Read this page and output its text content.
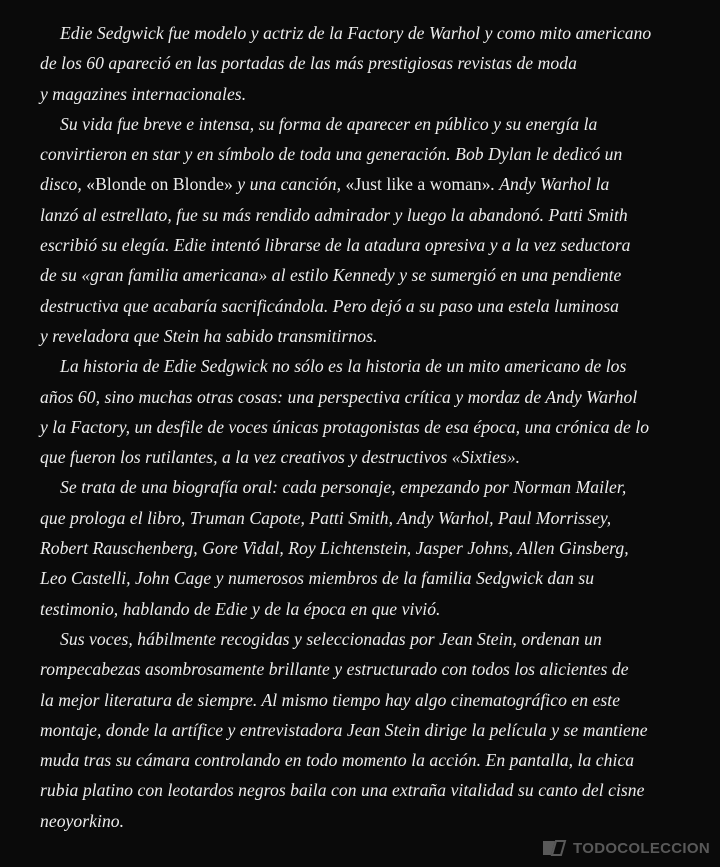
Edie Sedgwick fue modelo y actriz de la Factory de Warhol y como mito americano
de los 60 apareció en las portadas de las más prestigiosas revistas de moda
y magazines internacionales.
Su vida fue breve e intensa, su forma de aparecer en público y su energía la
convirtieron en star y en símbolo de toda una generación. Bob Dylan le dedicó un
disco, «Blonde on Blonde» y una canción, «Just like a woman». Andy Warhol la
lanzó al estrellato, fue su más rendido admirador y luego la abandonó. Patti Smith
escribió su elegía. Edie intentó librarse de la atadura opresiva y a la vez seductora
de su «gran familia americana» al estilo Kennedy y se sumergió en una pendiente
destructiva que acabaría sacrificándola. Pero dejó a su paso una estela luminosa
y reveladora que Stein ha sabido transmitirnos.
La historia de Edie Sedgwick no sólo es la historia de un mito americano de los
años 60, sino muchas otras cosas: una perspectiva crítica y mordaz de Andy Warhol
y la Factory, un desfile de voces únicas protagonistas de esa época, una crónica de lo
que fueron los rutilantes, a la vez creativos y destructivos «Sixties».
Se trata de una biografía oral: cada personaje, empezando por Norman Mailer,
que prologa el libro, Truman Capote, Patti Smith, Andy Warhol, Paul Morrissey,
Robert Rauschenberg, Gore Vidal, Roy Lichtenstein, Jasper Johns, Allen Ginsberg,
Leo Castelli, John Cage y numerosos miembros de la familia Sedgwick dan su
testimonio, hablando de Edie y de la época en que vivió.
Sus voces, hábilmente recogidas y seleccionadas por Jean Stein, ordenan un
rompecabezas asombrosamente brillante y estructurado con todos los alicientes de
la mejor literatura de siempre. Al mismo tiempo hay algo cinematográfico en este
montaje, donde la artífice y entrevistadora Jean Stein dirige la película y se mantiene
muda tras su cámara controlando en todo momento la acción. En pantalla, la chica
rubia platino con leotardos negros baila con una extraña vitalidad su canto del cisne
neoyorkino.
TODOCOLECCION
